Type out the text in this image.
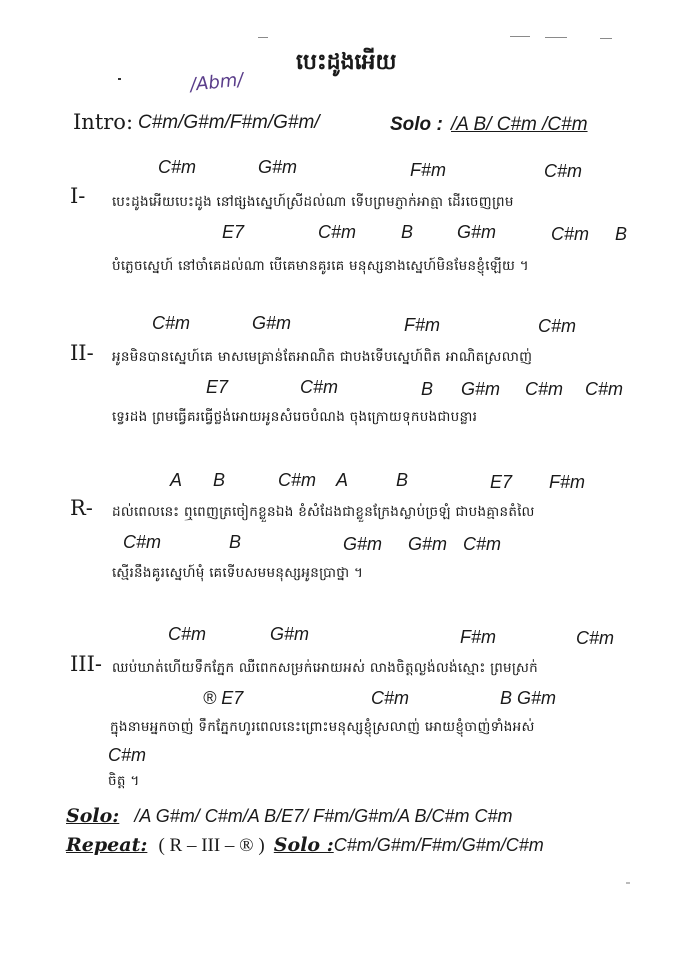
បេះដូងអើយ
/Abm/
Intro: C#m/G#m/F#m/G#m/	Solo : /A B/ C#m /C#m
I-
C#m	G#m	F#m	C#m
បេះដូងអើយបេះដូង នៅផ្សងស្នេហ៍ស្រីដល់ណា ទើបព្រមភ្ញាក់អាត្មា ដើរចេញព្រម
E7	C#m B G#m	C#m B
បំភ្លេចស្នេហ៍ នៅចាំគេដល់ណា បើគេមានគូរគេ មនុស្សនាងស្នេហ៍មិនមែនខ្ញុំឡើយ ។
II-
C#m	G#m	F#m	C#m
អូនមិនបានស្នេហ៍គេ មាសមេគ្រាន់តែអាណិត ជាបងទើបស្នេហ៍ពិត អាណិតស្រលាញ់
E7	C#m	B G#m C#m C#m
ទ្វេរដង ព្រមធ្វើគរធ្វើថ្លង់អោយអូនសំរេចបំណង ចុងក្រោយទុកបងជាបន្លារ
R-
A B	C#m A	B	E7 F#m
ដល់ពេលនេះ ឮពេញត្រចៀកខ្លួនឯង ខំសំដែងជាខ្លួនក្រែងស្លាប់ច្រឡំ ជាបងគ្មានតំលៃ
C#m	B	G#m G#m C#m
ស្មើរនឹងគូរស្នេហ៍មុំ គេទើបសមមនុស្សអូនប្រាថ្នា ។
III-
C#m	G#m	F#m	C#m
ឈប់ឃាត់ហើយទឹកភ្នែក ឈឺពេកសម្រក់អោយអស់ លាងចិត្តល្ងង់លង់ស្មោះ ព្រមស្រក់
® E7	C#m	B G#m
ក្នុងនាមអ្នកចាញ់ ទឹកភ្នែកហូរពេលនេះព្រោះមនុស្សខ្ញុំស្រលាញ់ អោយខ្ញុំចាញ់ទាំងអស់
C#m
ចិត្ត ។
Solo: /A G#m/ C#m/A B/E7/ F#m/G#m/A B/C#m C#m
Repeat: ( R – III – ® ) Solo :C#m/G#m/F#m/G#m/C#m
